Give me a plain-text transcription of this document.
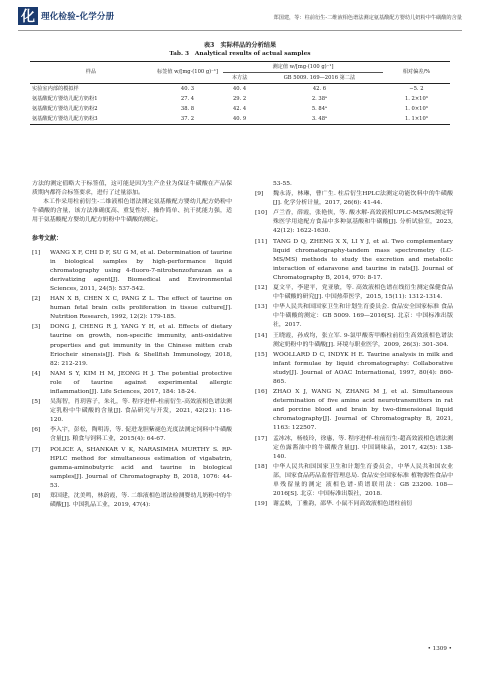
化 理化检验-化学分册	郑国建，等：柱前衍生-二维液相色谱法测定氨基酸配方婴幼儿奶粉中牛磺酸的含量
表3　实际样品的分析结果
Tab. 3　Analytical results of actual samples
样品	标签值 w/[mg·(100 g)⁻¹]	测定值 w/[mg·(100 g)⁻¹]		相对偏差/%
		本方法	GB 5009. 169—2016 第二法	
实验室内部的模拟样	40. 3	40. 4	42. 6	−5. 2
氨基酸配方婴幼儿配方奶粉1	27. 4	29. 2	2. 38ᵃ	1. 2×10³
氨基酸配方婴幼儿配方奶粉2	38. 8	42. 4	5. 84ᵃ	1. 0×10³
氨基酸配方婴幼儿配方奶粉3	37. 2	40. 9	3. 48ᵃ	1. 1×10³

方法的测定值略大于标签值，这可能是因为生产企业为保证牛磺酸在产品保质期内都符合标签要求，进行了过量添加。

本工作采用柱前衍生-二维液相色谱法测定氨基酸配方婴幼儿配方奶粉中牛磺酸的含量，该方法准确度高、重复性好、操作简单、抗干扰能力强，适用于氨基酸配方婴幼儿配方奶粉中牛磺酸的测定。

参考文献：
[1]	WANG X F, CHI D F, SU G M, et al. Determination of taurine in biological samples by high-performance liquid chromatography using 4-fluoro-7-nitrobenzofurazan as a derivatizing agent[J]. Biomedical and Environmental Sciences, 2011, 24(5): 537-542.
[2]	HAN X B, CHEN X C, PANG Z L. The effect of taurine on human fetal brain cells proliferation in tissue culture[J]. Nutrition Research, 1992, 12(2): 179-185.
[3]	DONG J, CHENG R J, YANG Y H, et al. Effects of dietary taurine on growth, non-specific immunity, anti-oxidative properties and gut immunity in the Chinese mitten crab Eriocheir sinensis[J]. Fish & Shellfish Immunology, 2018, 82: 212-219.
[4]	NAM S Y, KIM H M, JEONG H J. The potential protective role of taurine against experimental allergic inflammation[J]. Life Sciences, 2017, 184: 18-24.
[5]	吴海智，肖玥蓉子，朱礼，等. 程序进样-柱前衍生-高效液相色谱法测定乳粉中牛磺酸的含量[J]. 食品研究与开发，2021, 42(21): 116-120.
[6]	李入宇，彭松，陶明涛，等. 促进龙胆紫褪色光度法测定饲料中牛磺酸含量[J]. 粮食与饲料工业，2015(4): 64-67.
[7]	POLICE A, SHANKAR V K, NARASIMHA MURTHY S. RP-HPLC method for simultaneous estimation of vigabatrin, gamma-aminobutyric acid and taurine in biological samples[J]. Journal of Chromatography B, 2018, 1076: 44-53.
[8]	郑国建，沈美鸣，林蔚霞，等. 二维液相色谱法检测婴幼儿奶粉中的牛磺酸[J]. 中国乳品工业，2019, 47(4):
53-55.
[9]	魏永涛，林琳，曹广生. 柱后衍生HPLC法测定功能饮料中的牛磺酸[J]. 化学分析计量，2017, 26(6): 41-44.
[10]	卢兰香，薛霞，张艳侠，等. 酸水解-高效液相UPLC-MS/MS测定特殊医学用途配方食品中多种氨基酸和牛磺酸[J]. 分析试验室，2023, 42(12): 1622-1630.
[11]	TANG D Q, ZHENG X X, LI Y J, et al. Two complementary liquid chromatography-tandem mass spectrometry (LC-MS/MS) methods to study the excretion and metabolic interaction of edaravone and taurine in rats[J]. Journal of Chromatography B, 2014, 970: 8-17.
[12]	夏文平，李建平，党亚敏，等. 高效液相色谱在线衍生测定保健食品中牛磺酸的研究[J]. 中国热带医学，2015, 15(11): 1312-1314.
[13]	中华人民共和国国家卫生和计划生育委员会. 食品安全国家标准 食品中牛磺酸的测定：GB 5009. 169—2016[S]. 北京：中国标准出版社，2017.
[14]	王晓霞，孙成均，张立军. 9-氯甲酸芴甲酯柱前衍生高效液相色谱法测定奶粉中的牛磺酸[J]. 环境与职业医学，2009, 26(3): 301-304.
[15]	WOOLLARD D C, INDYK H E. Taurine analysis in milk and infant formulae by liquid chromatography: Collaborative study[J]. Journal of AOAC International, 1997, 80(4): 860-865.
[16]	ZHAO X J, WANG N, ZHANG M J, et al. Simultaneous determination of five amino acid neurotransmitters in rat and porcine blood and brain by two-dimensional liquid chromatography[J]. Journal of Chromatography B, 2021, 1163: 122507.
[17]	孟冰冰，杨枝玲，徐惠，等. 程序进样-柱前衍生-超高效液相色谱法测定鱼露酱油中的牛磺酸含量[J]. 中国调味品，2017, 42(5): 138-140.
[18]	中华人民共和国国家卫生和计划生育委员会，中华人民共和国农业部，国家食品药品监督管理总局. 食品安全国家标准 植物源性食品中单残留量的测定 液相色谱-质谱联用法：GB 23200. 108—2016[S]. 北京：中国标准出版社，2018.
[19]	谢孟峡，丁雅韵，邵华. 小鼠不同高效液相色谱柱前衍
• 1309 •
